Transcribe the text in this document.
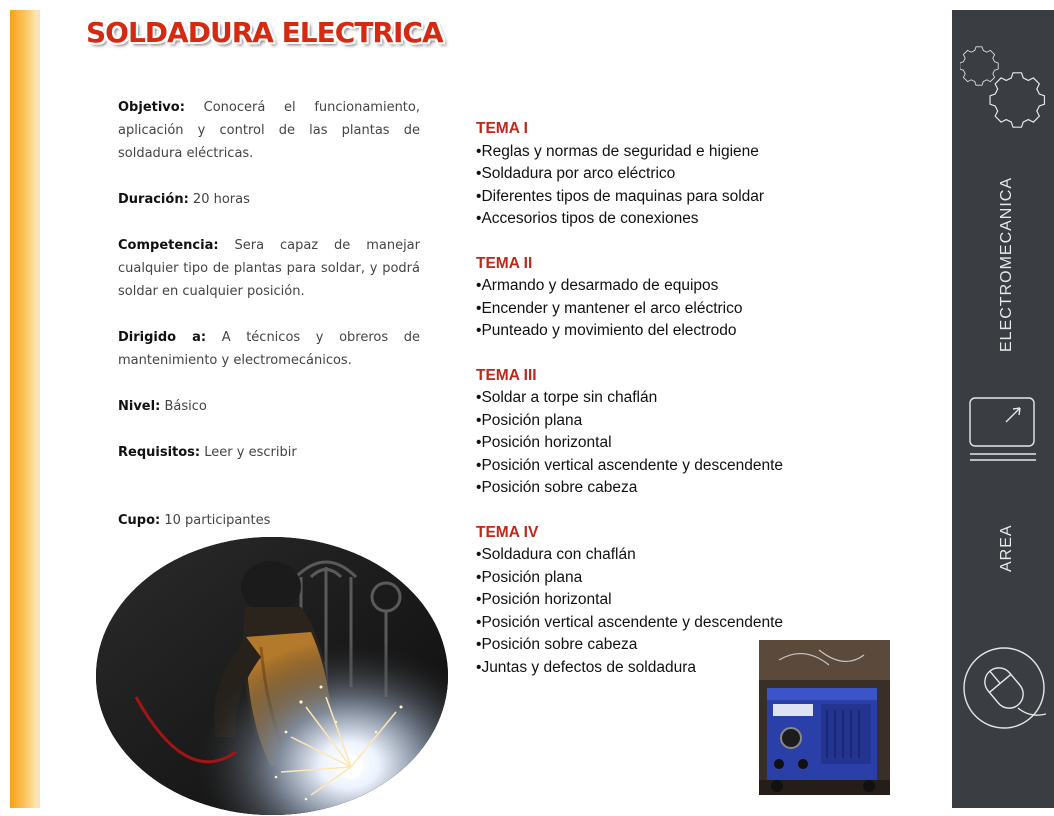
SOLDADURA ELECTRICA

Objetivo: Conocerá el funcionamiento, aplicación y control de las plantas de soldadura eléctricas.

Duración: 20 horas

Competencia: Sera capaz de manejar cualquier tipo de plantas para soldar, y podrá soldar en cualquier posición.

Dirigido a: A técnicos y obreros de mantenimiento y electromecánicos.

Nivel: Básico

Requisitos: Leer y escribir

Cupo: 10 participantes

TEMA I
• Reglas y normas de seguridad e higiene
• Soldadura por arco eléctrico
• Diferentes tipos de maquinas para soldar
• Accesorios tipos de conexiones
TEMA II
• Armando y desarmado de equipos
• Encender y mantener el arco eléctrico
• Punteado y movimiento del electrodo
TEMA III
• Soldar a torpe sin chaflán
• Posición plana
• Posición horizontal
• Posición vertical ascendente y descendente
• Posición sobre cabeza
TEMA IV
• Soldadura con chaflán
• Posición plana
• Posición horizontal
• Posición vertical ascendente y descendente
• Posición sobre cabeza
• Juntas y defectos de soldadura
ELECTROMECANICA
AREA
